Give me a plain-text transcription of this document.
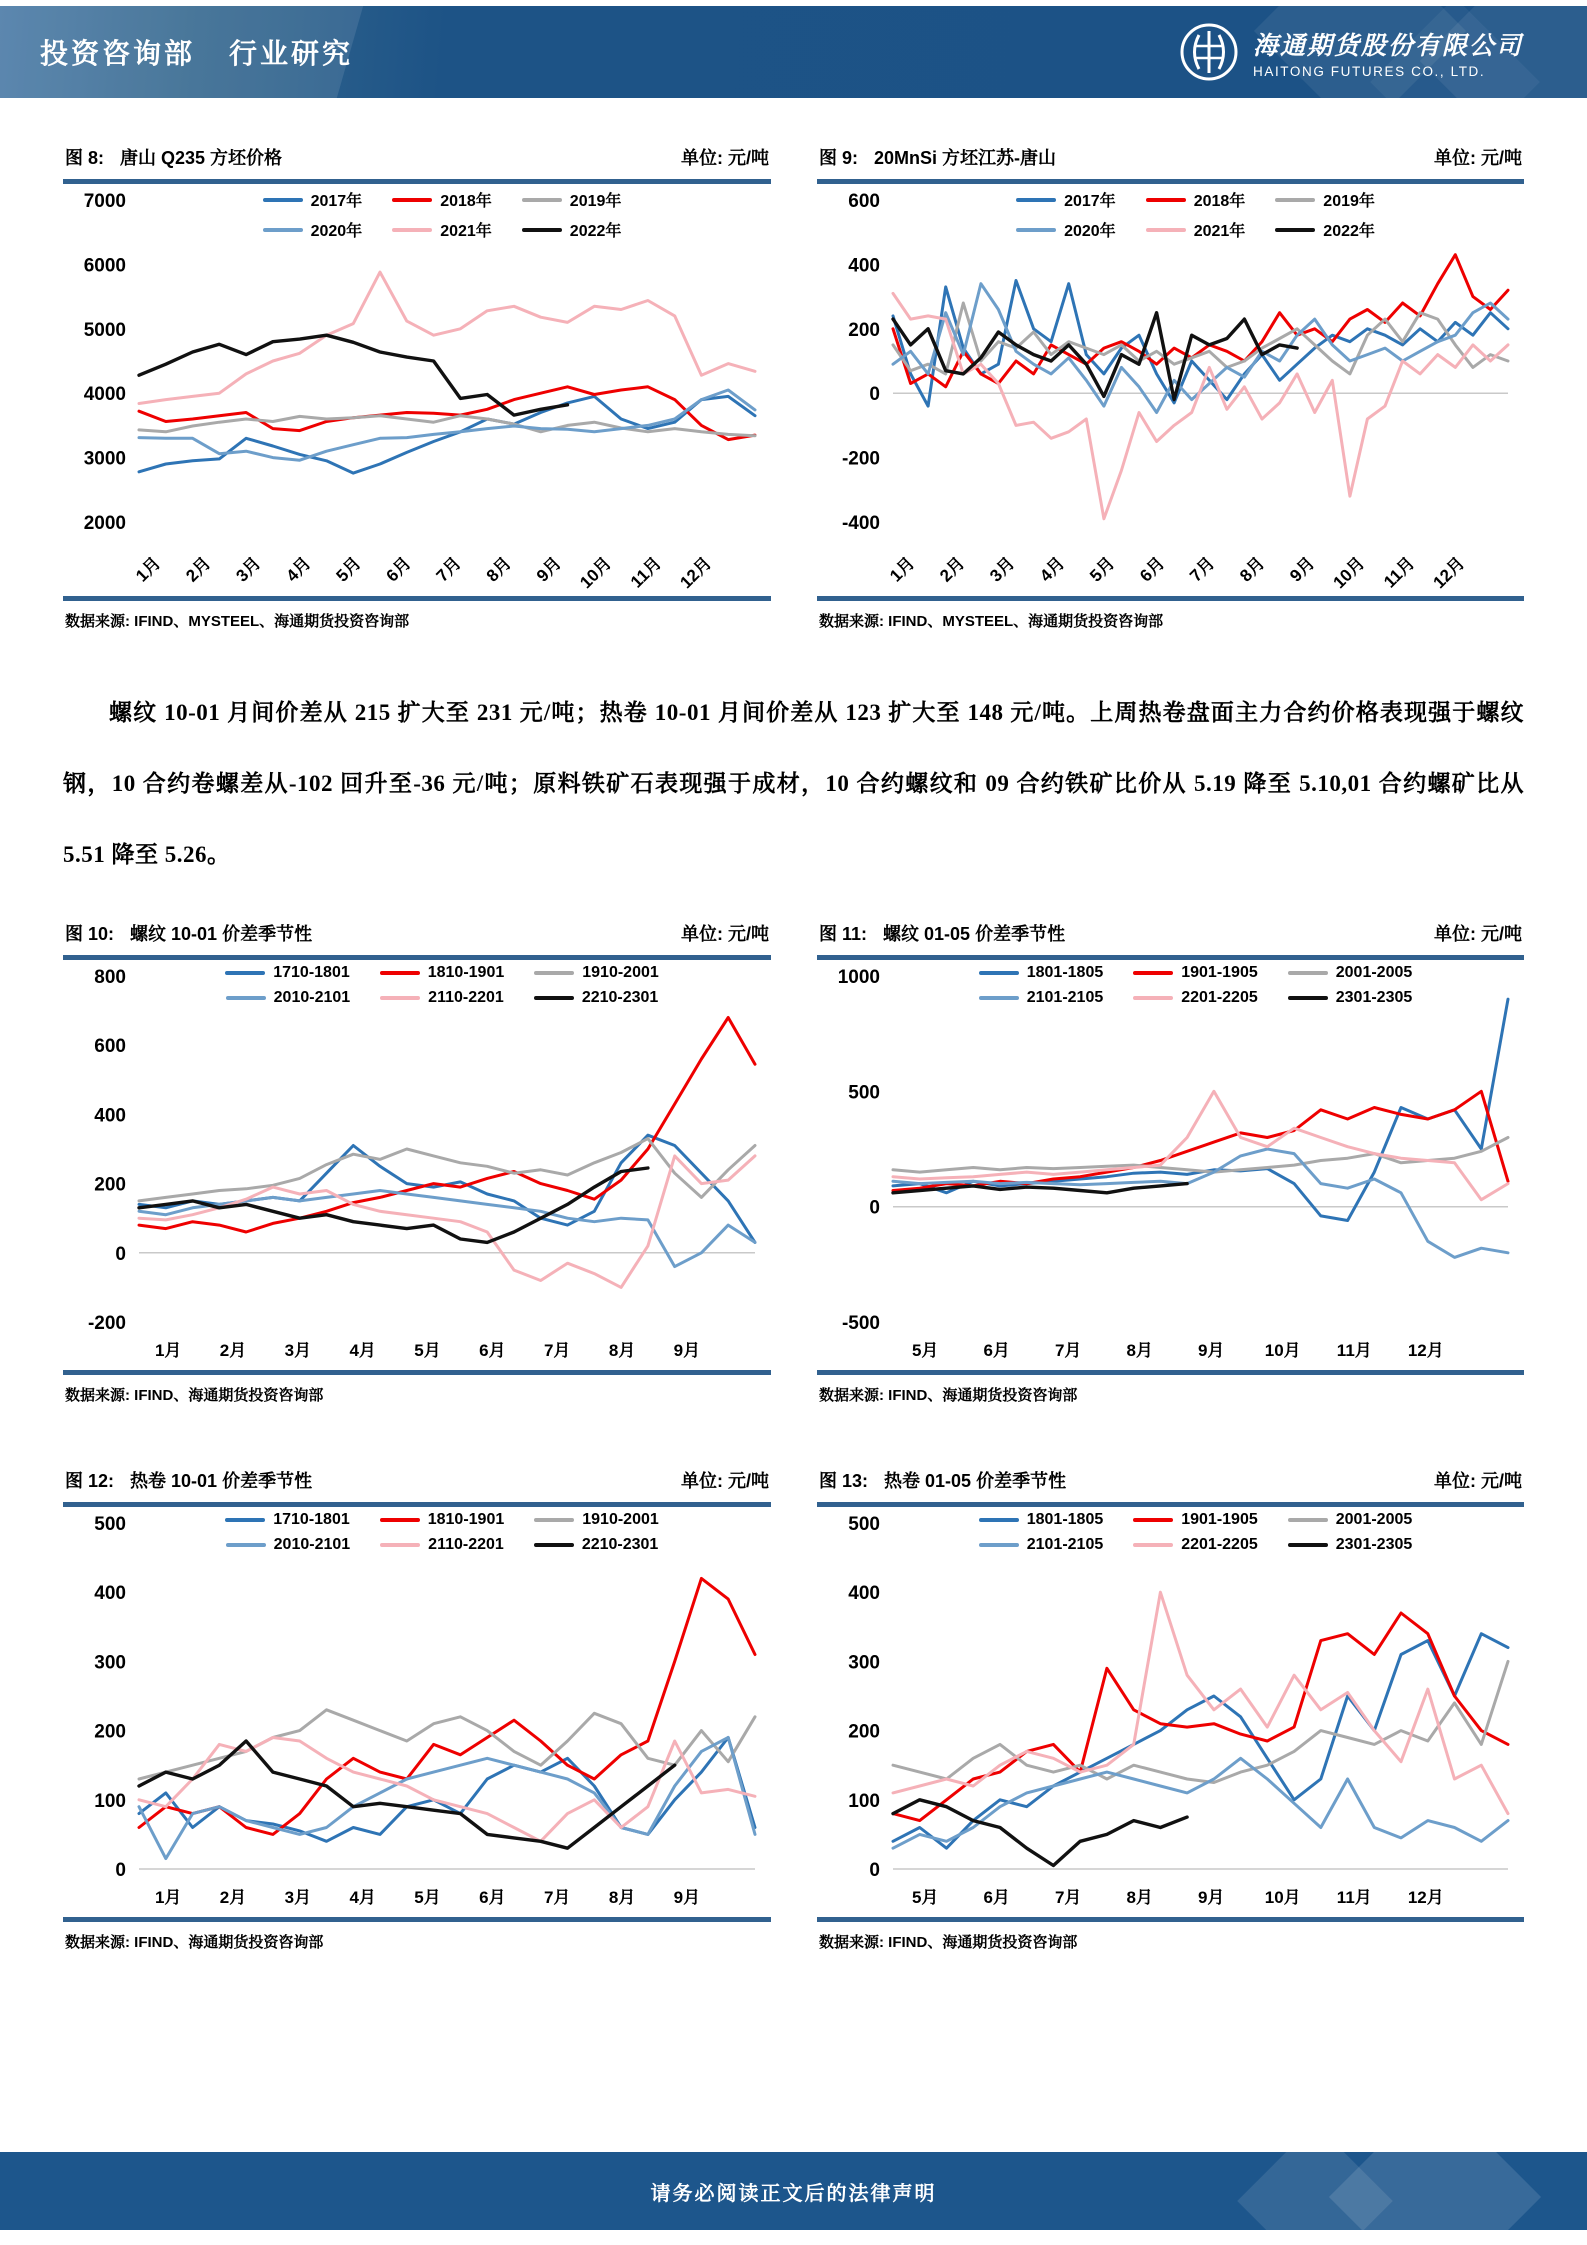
投资咨询部 行业研究	海通期货股份有限公司
HAITONG FUTURES CO., LTD.
图 8: 唐山 Q235 方坯价格	单位: 元/吨
7000
6000
5000
4000
3000
2000
1月 2月 3月 4月 5月 6月 7月 8月 9月 10月 11月 12月
2017年	2018年	2019年
2020年	2021年	2022年
数据来源: IFIND、MYSTEEL、海通期货投资咨询部
图 9: 20MnSi 方坯江苏-唐山	单位: 元/吨
600
400
200
0
-200
-400
1月 2月 3月 4月 5月 6月 7月 8月 9月 10月 11月 12月
2017年	2018年	2019年
2020年	2021年	2022年
数据来源: IFIND、MYSTEEL、海通期货投资咨询部

螺纹 10-01 月间价差从 215 扩大至 231 元/吨；热卷 10-01 月间价差从 123 扩大至 148 元/吨。上周热卷盘面主力合约价格表现强于螺纹钢，10 合约卷螺差从-102 回升至-36 元/吨；原料铁矿石表现强于成材，10 合约螺纹和 09 合约铁矿比价从 5.19 降至 5.10,01 合约螺矿比从 5.51 降至 5.26。

图 10: 螺纹 10-01 价差季节性	单位: 元/吨
800
600
400
200
0
-200
1月 2月 3月 4月 5月 6月 7月 8月 9月
1710-1801	1810-1901	1910-2001
2010-2101	2110-2201	2210-2301
数据来源: IFIND、海通期货投资咨询部
图 11: 螺纹 01-05 价差季节性	单位: 元/吨
1000
500
0
-500
5月	6月	7月	8月	9月 10月 11月 12月
1801-1805	1901-1905	2001-2005
2101-2105	2201-2205	2301-2305
数据来源: IFIND、海通期货投资咨询部
图 12: 热卷 10-01 价差季节性	单位: 元/吨
500
400
300
200
100
0
1月 2月 3月 4月 5月 6月 7月 8月 9月
1710-1801	1810-1901	1910-2001
2010-2101	2110-2201	2210-2301
数据来源: IFIND、海通期货投资咨询部
图 13: 热卷 01-05 价差季节性	单位: 元/吨
500
400
300
200
100
0
5月	6月	7月	8月	9月 10月 11月 12月
1801-1805	1901-1905	2001-2005
2101-2105	2201-2205	2301-2305
数据来源: IFIND、海通期货投资咨询部
请务必阅读正文后的法律声明
